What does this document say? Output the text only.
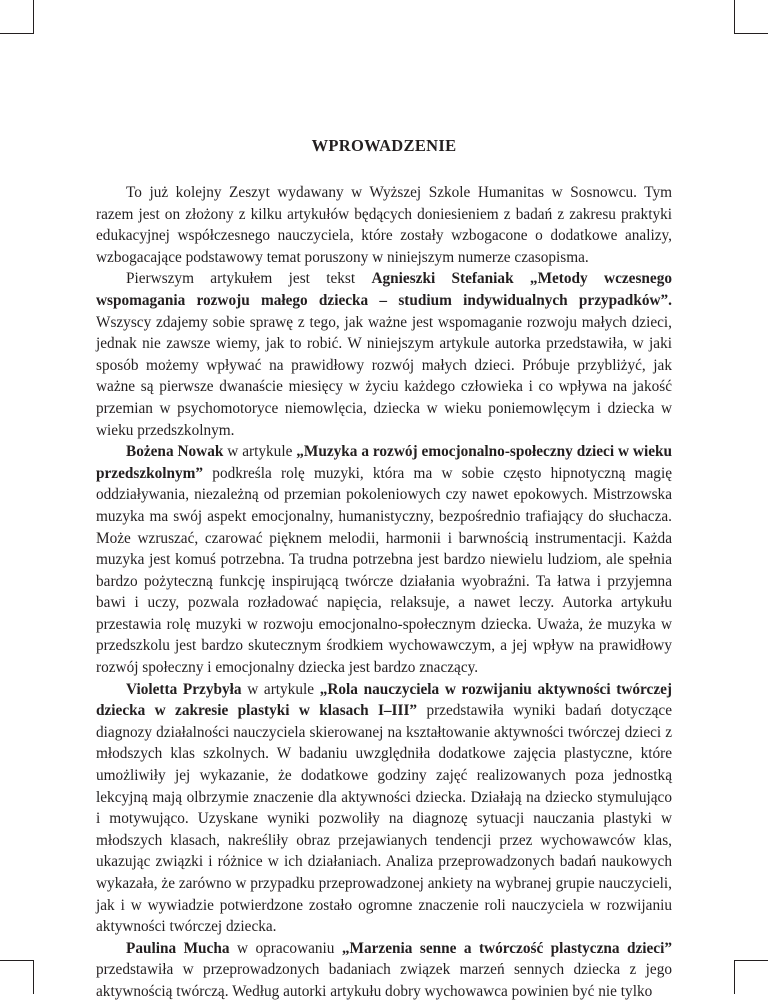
WPROWADZENIE

To już kolejny Zeszyt wydawany w Wyższej Szkole Humanitas w Sosnowcu. Tym razem jest on złożony z kilku artykułów będących doniesieniem z badań z zakresu praktyki edukacyjnej współczesnego nauczyciela, które zostały wzbogacone o dodatkowe analizy, wzbogacające podstawowy temat poruszony w niniejszym numerze czasopisma.

Pierwszym artykułem jest tekst Agnieszki Stefaniak „Metody wczesnego wspomagania rozwoju małego dziecka – studium indywidualnych przypadków”. Wszyscy zdajemy sobie sprawę z tego, jak ważne jest wspomaganie rozwoju małych dzieci, jednak nie zawsze wiemy, jak to robić. W niniejszym artykule autorka przedstawiła, w jaki sposób możemy wpływać na prawidłowy rozwój małych dzieci. Próbuje przybliżyć, jak ważne są pierwsze dwanaście miesięcy w życiu każdego człowieka i co wpływa na jakość przemian w psychomotoryce niemowlęcia, dziecka w wieku poniemowlęcym i dziecka w wieku przedszkolnym.

Bożena Nowak w artykule „Muzyka a rozwój emocjonalno-społeczny dzieci w wieku przedszkolnym” podkreśla rolę muzyki, która ma w sobie często hipnotyczną magię oddziaływania, niezależną od przemian pokoleniowych czy nawet epokowych. Mistrzowska muzyka ma swój aspekt emocjonalny, humanistyczny, bezpośrednio trafiający do słuchacza. Może wzruszać, czarować pięknem melodii, harmonii i barwnością instrumentacji. Każda muzyka jest komuś potrzebna. Ta trudna potrzebna jest bardzo niewielu ludziom, ale spełnia bardzo pożyteczną funkcję inspirującą twórcze działania wyobraźni. Ta łatwa i przyjemna bawi i uczy, pozwala rozładować napięcia, relaksuje, a nawet leczy. Autorka artykułu przestawia rolę muzyki w rozwoju emocjonalno-społecznym dziecka. Uważa, że muzyka w przedszkolu jest bardzo skutecznym środkiem wychowawczym, a jej wpływ na prawidłowy rozwój społeczny i emocjonalny dziecka jest bardzo znaczący.

Violetta Przybyła w artykule „Rola nauczyciela w rozwijaniu aktywności twórczej dziecka w zakresie plastyki w klasach I–III” przedstawiła wyniki badań dotyczące diagnozy działalności nauczyciela skierowanej na kształtowanie aktywności twórczej dzieci z młodszych klas szkolnych. W badaniu uwzględniła dodatkowe zajęcia plastyczne, które umożliwiły jej wykazanie, że dodatkowe godziny zajęć realizowanych poza jednostką lekcyjną mają olbrzymie znaczenie dla aktywności dziecka. Działają na dziecko stymulująco i motywująco. Uzyskane wyniki pozwoliły na diagnozę sytuacji nauczania plastyki w młodszych klasach, nakreśliły obraz przejawianych tendencji przez wychowawców klas, ukazując związki i różnice w ich działaniach. Analiza przeprowadzonych badań naukowych wykazała, że zarówno w przypadku przeprowadzonej ankiety na wybranej grupie nauczycieli, jak i w wywiadzie potwierdzone zostało ogromne znaczenie roli nauczyciela w rozwijaniu aktywności twórczej dziecka.

Paulina Mucha w opracowaniu „Marzenia senne a twórczość plastyczna dzieci” przedstawiła w przeprowadzonych badaniach związek marzeń sennych dziecka z jego aktywnością twórczą. Według autorki artykułu dobry wychowawca powinien być nie tylko
